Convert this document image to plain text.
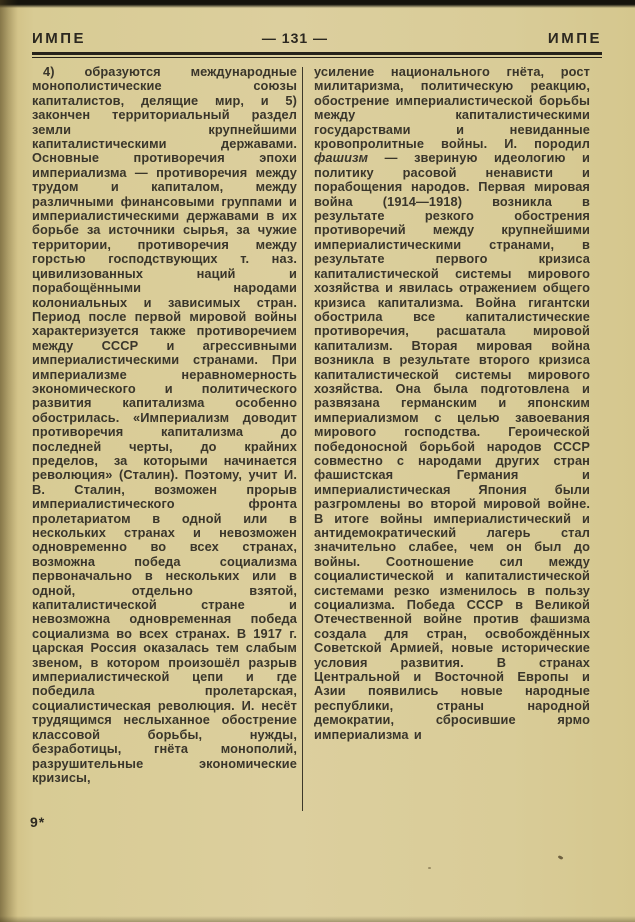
ИМПЕ	— 131 —	ИМПЕ

4) образуются международные монополистические союзы капиталистов, делящие мир, и 5) закончен территориальный раздел земли крупнейшими капиталистическими державами. Основные противоречия эпохи империализма — противоречия между трудом и капиталом, между различными финансовыми группами и империалистическими державами в их борьбе за источники сырья, за чужие территории, противоречия между горстью господствующих т. наз. цивилизованных наций и порабощёнными народами колониальных и зависимых стран. Период после первой мировой войны характеризуется также противоречием между СССР и агрессивными империалистическими странами. При империализме неравномерность экономического и политического развития капитализма особенно обострилась. «Империализм доводит противоречия капитализма до последней черты, до крайних пределов, за которыми начинается революция» (Сталин). Поэтому, учит И. В. Сталин, возможен прорыв империалистического фронта пролетариатом в одной или в нескольких странах и невозможен одновременно во всех странах, возможна победа социализма первоначально в нескольких или в одной, отдельно взятой, капиталистической стране и невозможна одновременная победа социализма во всех странах. В 1917 г. царская Россия оказалась тем слабым звеном, в котором произошёл разрыв империалистической цепи и где победила пролетарская, социалистическая революция. И. несёт трудящимся неслыханное обострение классовой борьбы, нужды, безработицы, гнёта монополий, разрушительные экономические кризисы,

усиление национального гнёта, рост милитаризма, политическую реакцию, обострение империалистической борьбы между капиталистическими государствами и невиданные кровопролитные войны. И. породил фашизм — звериную идеологию и политику расовой ненависти и порабощения народов. Первая мировая война (1914—1918) возникла в результате резкого обострения противоречий между крупнейшими империалистическими странами, в результате первого кризиса капиталистической системы мирового хозяйства и явилась отражением общего кризиса капитализма. Война гигантски обострила все капиталистические противоречия, расшатала мировой капитализм. Вторая мировая война возникла в результате второго кризиса капиталистической системы мирового хозяйства. Она была подготовлена и развязана германским и японским империализмом с целью завоевания мирового господства. Героической победоносной борьбой народов СССР совместно с народами других стран фашистская Германия и империалистическая Япония были разгромлены во второй мировой войне. В итоге войны империалистический и антидемократический лагерь стал значительно слабее, чем он был до войны. Соотношение сил между социалистической и капиталистической системами резко изменилось в пользу социализма. Победа СССР в Великой Отечественной войне против фашизма создала для стран, освобождённых Советской Армией, новые исторические условия развития. В странах Центральной и Восточной Европы и Азии появились новые народные республики, страны народной демократии, сбросившие ярмо империализма и

9*
